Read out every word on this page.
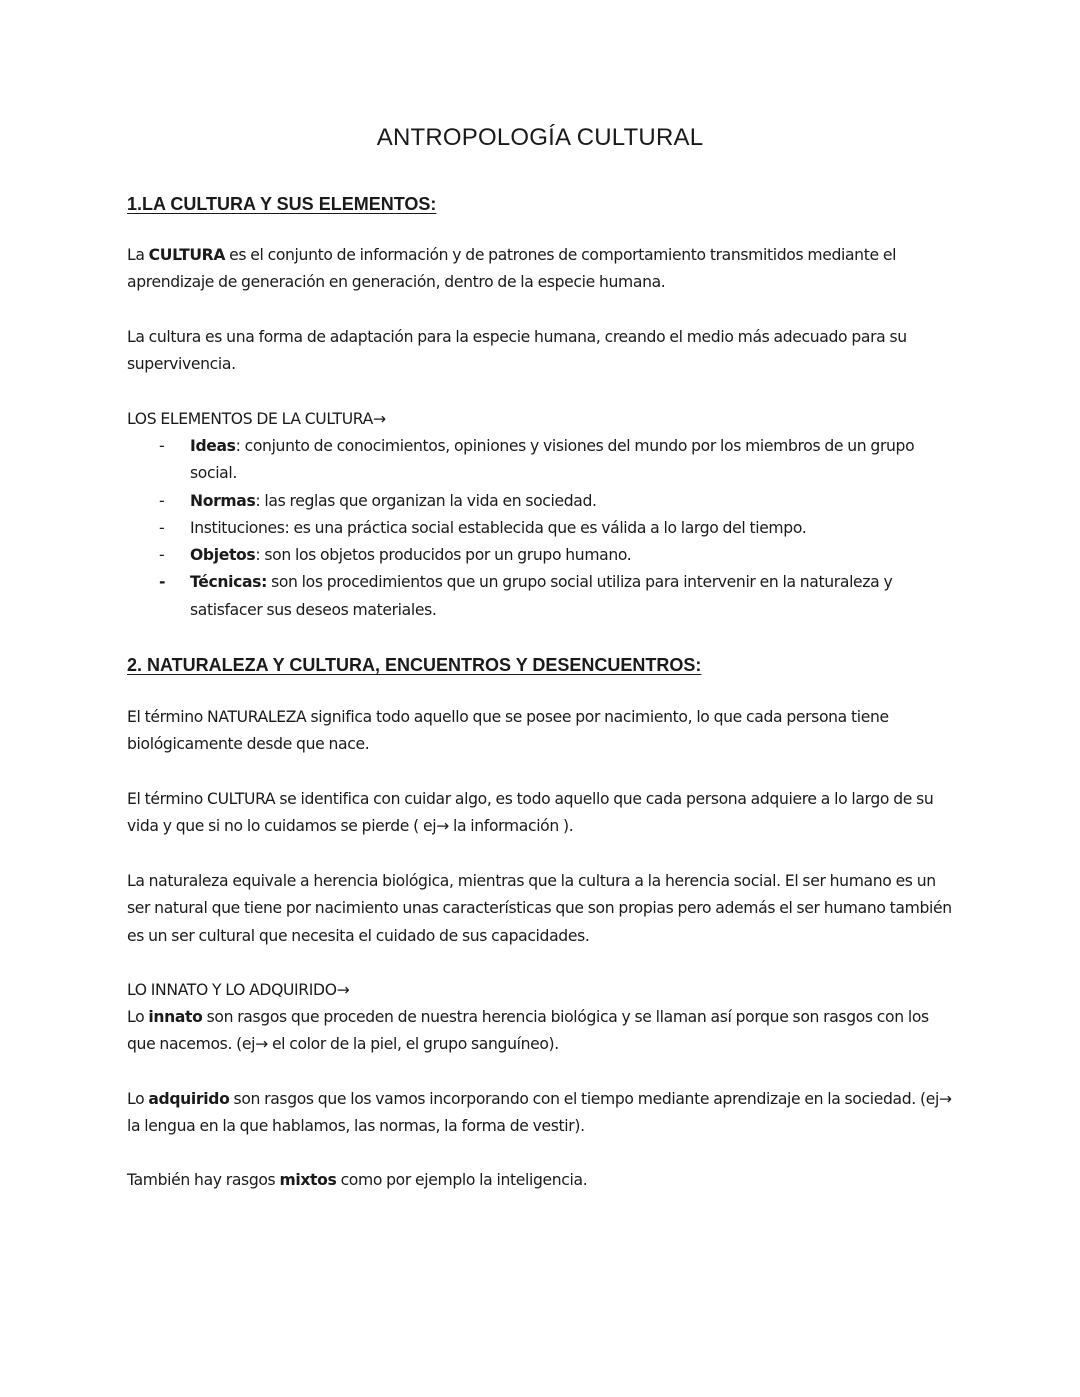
ANTROPOLOGÍA CULTURAL
1.LA CULTURA Y SUS ELEMENTOS:

La CULTURA es el conjunto de información y de patrones de comportamiento transmitidos mediante el aprendizaje de generación en generación, dentro de la especie humana.

La cultura es una forma de adaptación para la especie humana, creando el medio más adecuado para su supervivencia.

LOS ELEMENTOS DE LA CULTURA→

- Ideas: conjunto de conocimientos, opiniones y visiones del mundo por los miembros de un grupo social.
- Normas: las reglas que organizan la vida en sociedad.
- Instituciones: es una práctica social establecida que es válida a lo largo del tiempo.
- Objetos: son los objetos producidos por un grupo humano.
- Técnicas: son los procedimientos que un grupo social utiliza para intervenir en la naturaleza y satisfacer sus deseos materiales.
2. NATURALEZA Y CULTURA, ENCUENTROS Y DESENCUENTROS:

El término NATURALEZA significa todo aquello que se posee por nacimiento, lo que cada persona tiene biológicamente desde que nace.

El término CULTURA se identifica con cuidar algo, es todo aquello que cada persona adquiere a lo largo de su vida y que si no lo cuidamos se pierde ( ej→ la información ).

La naturaleza equivale a herencia biológica, mientras que la cultura a la herencia social. El ser humano es un ser natural que tiene por nacimiento unas características que son propias pero además el ser humano también es un ser cultural que necesita el cuidado de sus capacidades.

LO INNATO Y LO ADQUIRIDO→

Lo innato son rasgos que proceden de nuestra herencia biológica y se llaman así porque son rasgos con los que nacemos. (ej→ el color de la piel, el grupo sanguíneo).

Lo adquirido son rasgos que los vamos incorporando con el tiempo mediante aprendizaje en la sociedad. (ej→ la lengua en la que hablamos, las normas, la forma de vestir).

También hay rasgos mixtos como por ejemplo la inteligencia.
